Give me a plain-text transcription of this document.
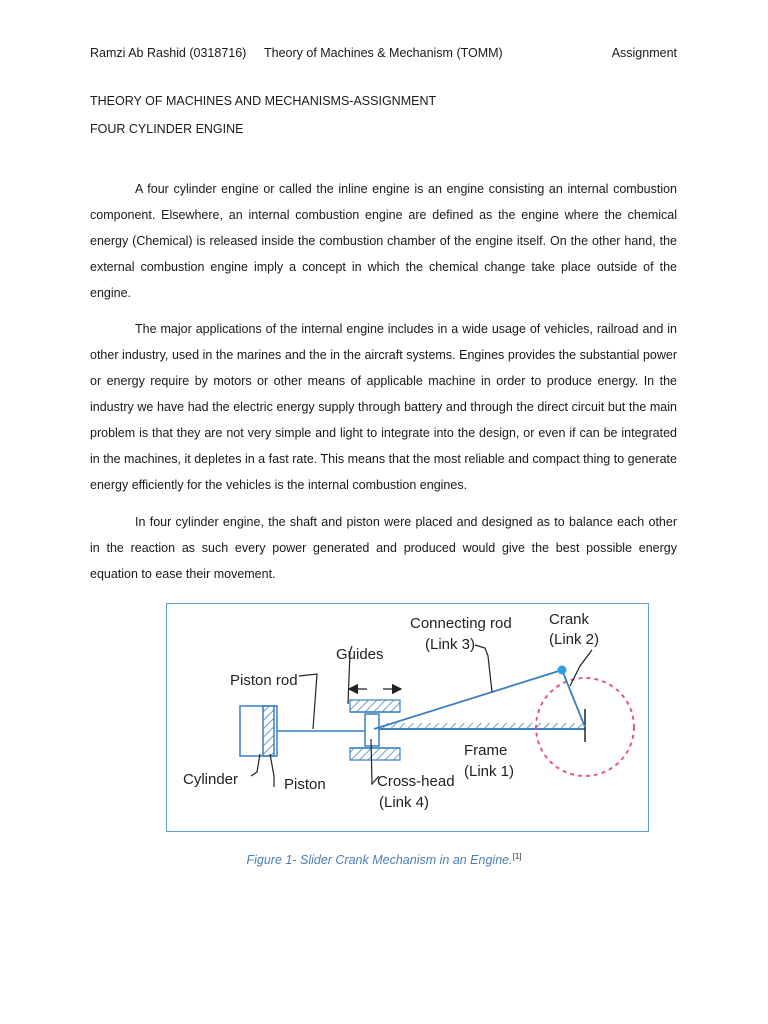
Ramzi Ab Rashid (0318716) Theory of Machines & Mechanism (TOMM)	Assignment
THEORY OF MACHINES AND MECHANISMS-ASSIGNMENT
FOUR CYLINDER ENGINE

A four cylinder engine or called the inline engine is an engine consisting an internal combustion component. Elsewhere, an internal combustion engine are defined as the engine where the chemical energy (Chemical) is released inside the combustion chamber of the engine itself. On the other hand, the external combustion engine imply a concept in which the chemical change take place outside of the engine.

The major applications of the internal engine includes in a wide usage of vehicles, railroad and in other industry, used in the marines and the in the aircraft systems. Engines provides the substantial power or energy require by motors or other means of applicable machine in order to produce energy. In the industry we have had the electric energy supply through battery and through the direct circuit but the main problem is that they are not very simple and light to integrate into the design, or even if can be integrated in the machines, it depletes in a fast rate. This means that the most reliable and compact thing to generate energy efficiently for the vehicles is the internal combustion engines.

In four cylinder engine, the shaft and piston were placed and designed as to balance each other in the reaction as such every power generated and produced would give the best possible energy equation to ease their movement.

Connecting rod
(Link 3)
Crank
(Link 2)
Guides
Piston rod
Frame
(Link 1)
Cylinder	Piston	Cross-head
(Link 4)
Figure 1- Slider Crank Mechanism in an Engine.[1]
